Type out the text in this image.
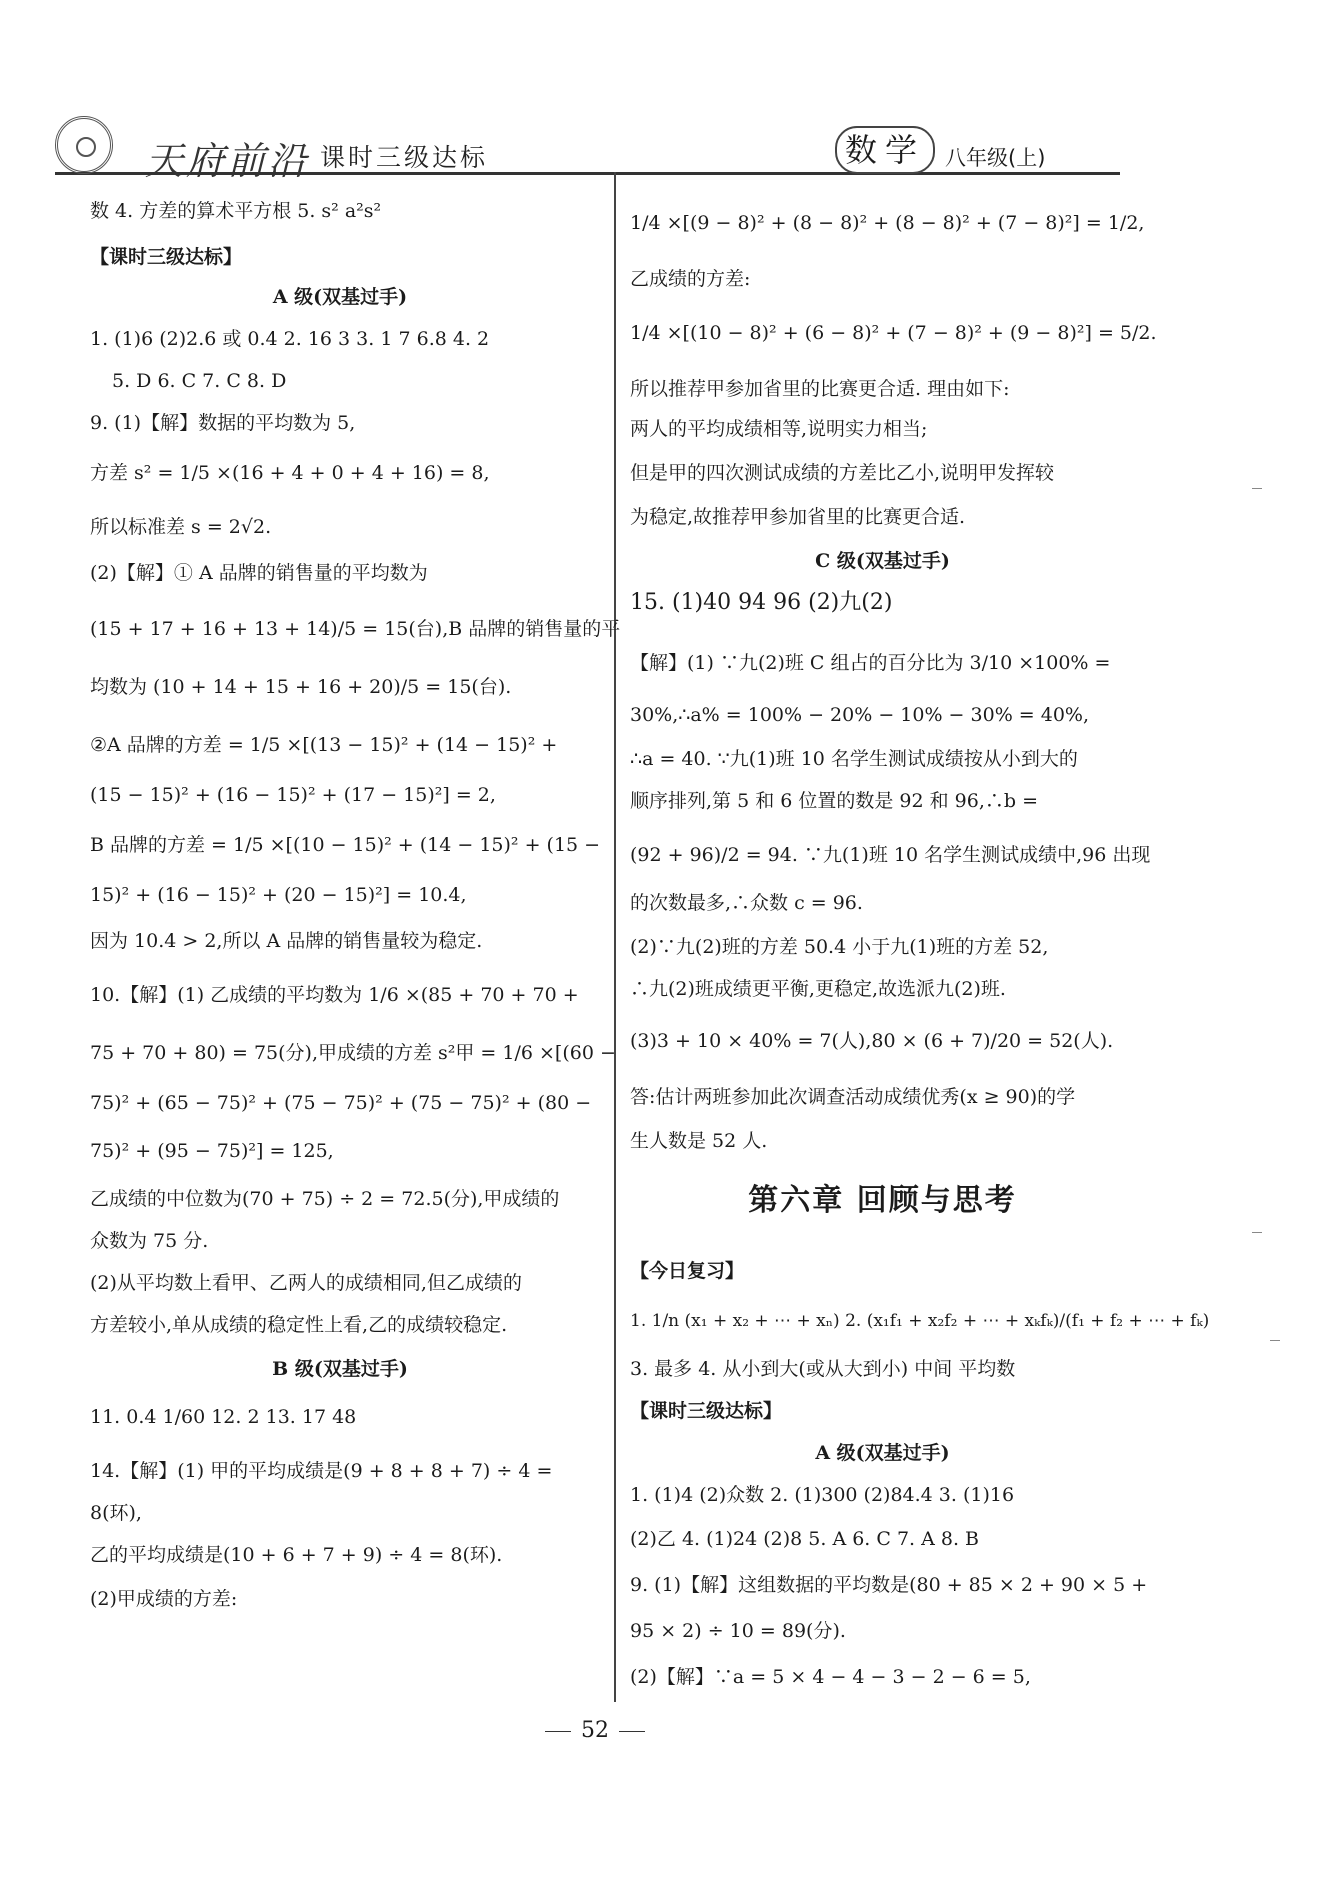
天府前沿 课时三级达标	数学 八年级(上)
数 4. 方差的算术平方根 5. s² a²s²
【课时三级达标】
A 级(双基过手)
1. (1)6 (2)2.6 或 0.4 2. 16 3 3. 1 7 6.8 4. 2
5. D 6. C 7. C 8. D
9. (1)【解】数据的平均数为 5,
方差 s² = 1/5 ×(16 + 4 + 0 + 4 + 16) = 8,
所以标准差 s = 2√2.
(2)【解】① A 品牌的销售量的平均数为
(15 + 17 + 16 + 13 + 14)/5 = 15(台),B 品牌的销售量的平
均数为 (10 + 14 + 15 + 16 + 20)/5 = 15(台).
②A 品牌的方差 = 1/5 ×[(13 − 15)² + (14 − 15)² +
(15 − 15)² + (16 − 15)² + (17 − 15)²] = 2,
B 品牌的方差 = 1/5 ×[(10 − 15)² + (14 − 15)² + (15 −
15)² + (16 − 15)² + (20 − 15)²] = 10.4,
因为 10.4 > 2,所以 A 品牌的销售量较为稳定.
10.【解】(1) 乙成绩的平均数为 1/6 ×(85 + 70 + 70 +
75 + 70 + 80) = 75(分),甲成绩的方差 s²甲 = 1/6 ×[(60 −
75)² + (65 − 75)² + (75 − 75)² + (75 − 75)² + (80 −
75)² + (95 − 75)²] = 125,
乙成绩的中位数为(70 + 75) ÷ 2 = 72.5(分),甲成绩的
众数为 75 分.
(2)从平均数上看甲、乙两人的成绩相同,但乙成绩的
方差较小,单从成绩的稳定性上看,乙的成绩较稳定.
B 级(双基过手)
11. 0.4 1/60 12. 2 13. 17 48
14.【解】(1) 甲的平均成绩是(9 + 8 + 8 + 7) ÷ 4 =
8(环),
乙的平均成绩是(10 + 6 + 7 + 9) ÷ 4 = 8(环).
(2)甲成绩的方差:
1/4 ×[(9 − 8)² + (8 − 8)² + (8 − 8)² + (7 − 8)²] = 1/2,
乙成绩的方差:
1/4 ×[(10 − 8)² + (6 − 8)² + (7 − 8)² + (9 − 8)²] = 5/2.
所以推荐甲参加省里的比赛更合适. 理由如下:
两人的平均成绩相等,说明实力相当;
但是甲的四次测试成绩的方差比乙小,说明甲发挥较
为稳定,故推荐甲参加省里的比赛更合适.
C 级(双基过手)
15. (1)40 94 96 (2)九(2)
【解】(1) ∵九(2)班 C 组占的百分比为 3/10 ×100% =
30%,∴a% = 100% − 20% − 10% − 30% = 40%,
∴a = 40. ∵九(1)班 10 名学生测试成绩按从小到大的
顺序排列,第 5 和 6 位置的数是 92 和 96,∴b =
(92 + 96)/2 = 94. ∵九(1)班 10 名学生测试成绩中,96 出现
的次数最多,∴众数 c = 96.
(2)∵九(2)班的方差 50.4 小于九(1)班的方差 52,
∴九(2)班成绩更平衡,更稳定,故选派九(2)班.
(3)3 + 10 × 40% = 7(人),80 × (6 + 7)/20 = 52(人).
答:估计两班参加此次调查活动成绩优秀(x ≥ 90)的学
生人数是 52 人.
第六章 回顾与思考
【今日复习】
1. 1/n (x₁ + x₂ + ⋯ + xₙ) 2. (x₁f₁ + x₂f₂ + ⋯ + xₖfₖ)/(f₁ + f₂ + ⋯ + fₖ)
3. 最多 4. 从小到大(或从大到小) 中间 平均数
【课时三级达标】
A 级(双基过手)
1. (1)4 (2)众数 2. (1)300 (2)84.4 3. (1)16
(2)乙 4. (1)24 (2)8 5. A 6. C 7. A 8. B
9. (1)【解】这组数据的平均数是(80 + 85 × 2 + 90 × 5 +
95 × 2) ÷ 10 = 89(分).
(2)【解】∵a = 5 × 4 − 4 − 3 − 2 − 6 = 5,
52
